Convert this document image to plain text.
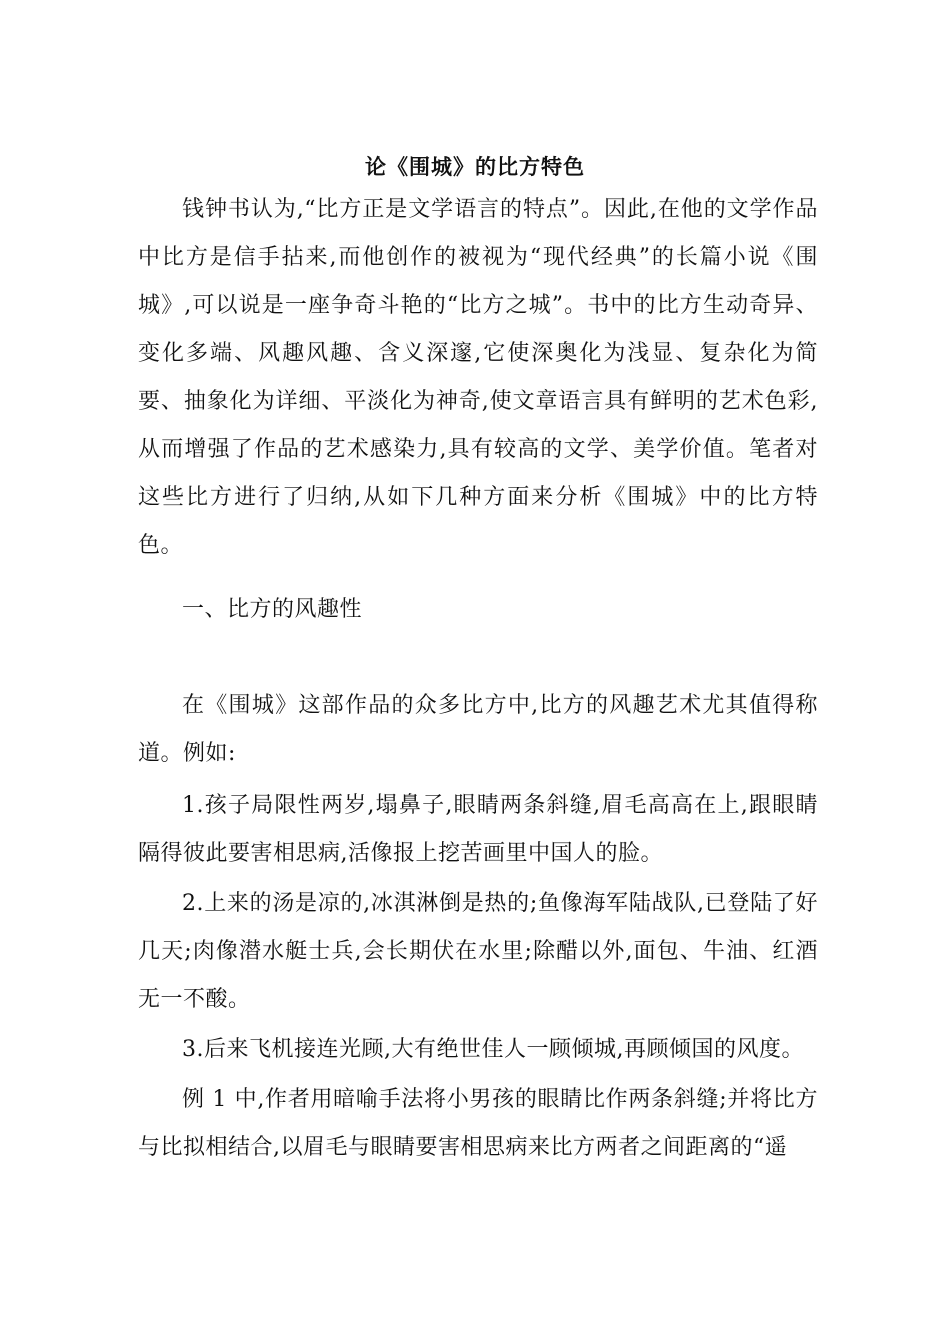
论《围城》的比方特色

钱钟书认为,“比方正是文学语言的特点”。因此,在他的文学作品中比方是信手拈来,而他创作的被视为“现代经典”的长篇小说《围城》,可以说是一座争奇斗艳的“比方之城”。书中的比方生动奇异、变化多端、风趣风趣、含义深邃,它使深奥化为浅显、复杂化为简要、抽象化为详细、平淡化为神奇,使文章语言具有鲜明的艺术色彩,从而增强了作品的艺术感染力,具有较高的文学、美学价值。笔者对这些比方进行了归纳,从如下几种方面来分析《围城》中的比方特色。

一、比方的风趣性

在《围城》这部作品的众多比方中,比方的风趣艺术尤其值得称道。例如:

1.孩子局限性两岁,塌鼻子,眼睛两条斜缝,眉毛高高在上,跟眼睛隔得彼此要害相思病,活像报上挖苦画里中国人的脸。

2.上来的汤是凉的,冰淇淋倒是热的;鱼像海军陆战队,已登陆了好几天;肉像潜水艇士兵,会长期伏在水里;除醋以外,面包、牛油、红酒无一不酸。

3.后来飞机接连光顾,大有绝世佳人一顾倾城,再顾倾国的风度。

例 1 中,作者用暗喻手法将小男孩的眼睛比作两条斜缝;并将比方与比拟相结合,以眉毛与眼睛要害相思病来比方两者之间距离的“遥
